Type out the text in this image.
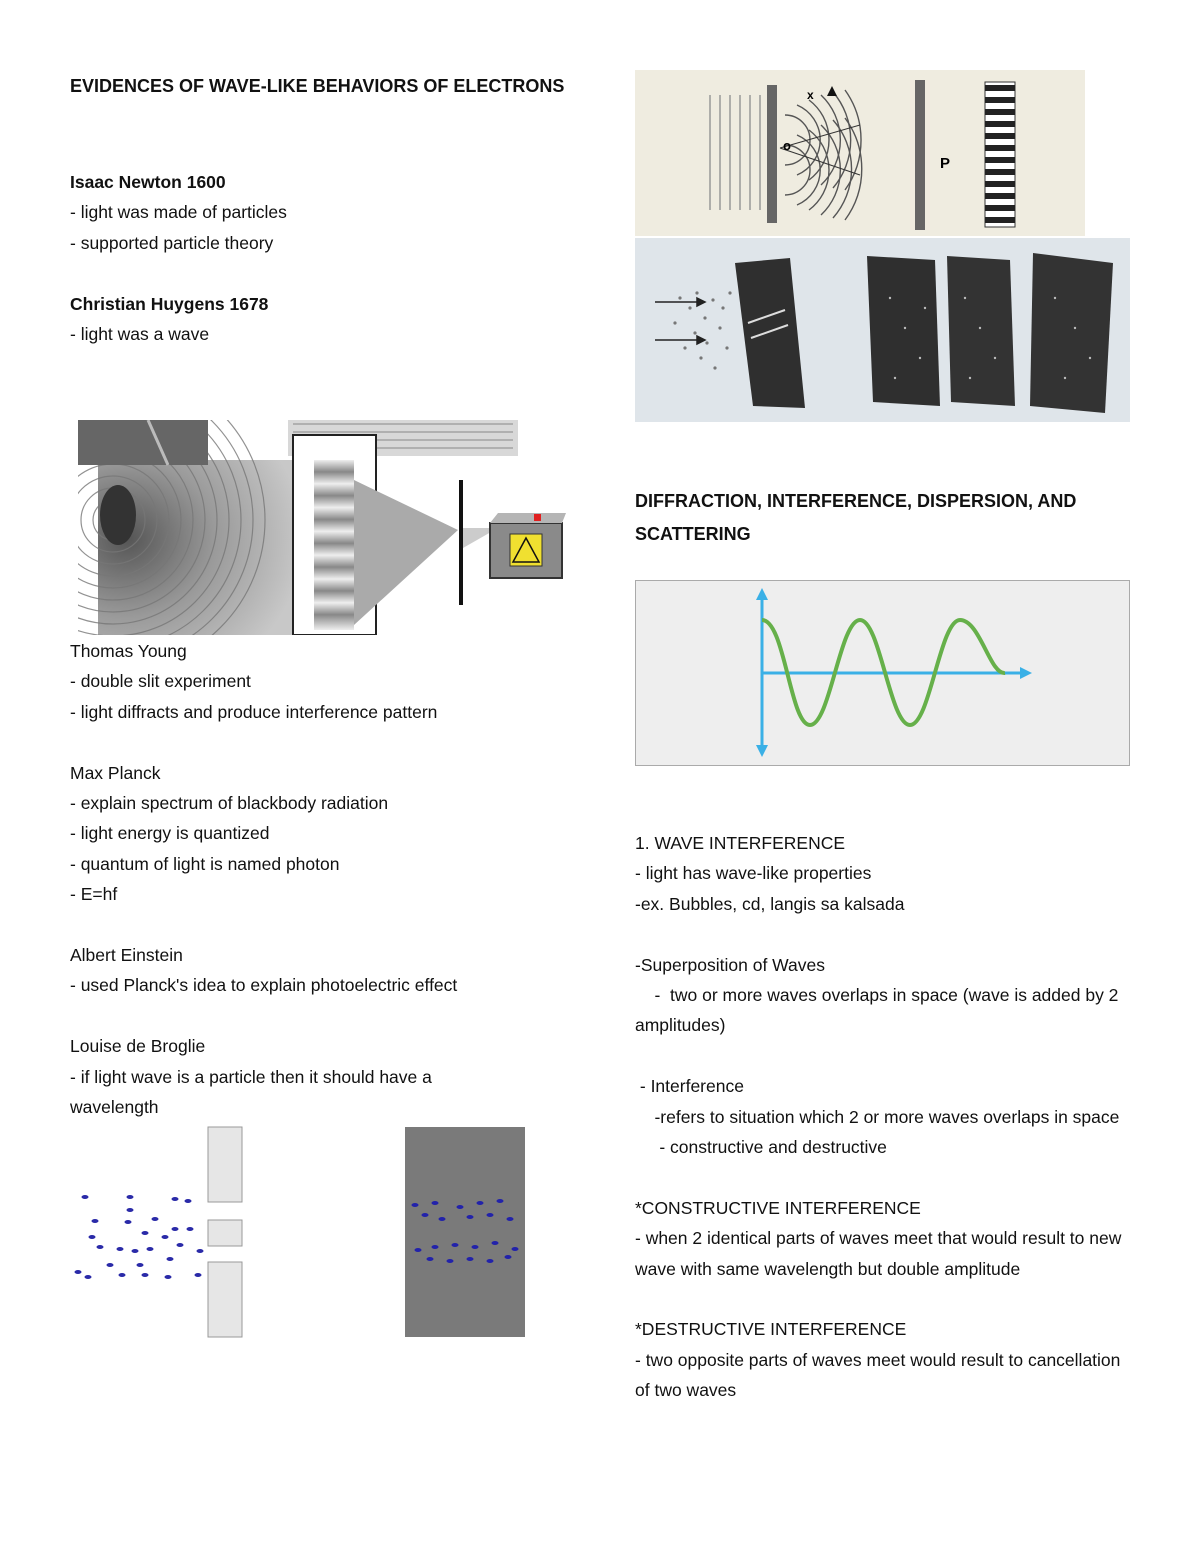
EVIDENCES OF WAVE-LIKE BEHAVIORS OF ELECTRONS

Isaac Newton 1600

- light was made of particles

- supported particle theory

Christian Huygens 1678

- light was a wave

Thomas Young

- double slit experiment

- light diffracts and produce interference pattern

Max Planck

- explain spectrum of blackbody radiation

- light energy is quantized

- quantum of light is named photon

- E=hf

Albert Einstein

- used Planck's idea to explain photoelectric effect

Louise de Broglie

- if light wave is a particle then it should have a wavelength

x
o
P

DIFFRACTION, INTERFERENCE, DISPERSION, AND SCATTERING

1. WAVE INTERFERENCE

- light has wave-like properties

-ex. Bubbles, cd, langis sa kalsada

-Superposition of Waves

-  two or more waves overlaps in space (wave is added by 2 amplitudes)

- Interference

-refers to situation which 2 or more waves overlaps in space

- constructive and destructive

*CONSTRUCTIVE INTERFERENCE

- when 2 identical parts of waves meet that would result to new wave with same wavelength but double amplitude

*DESTRUCTIVE INTERFERENCE

- two opposite parts of waves meet would result to cancellation of two waves
